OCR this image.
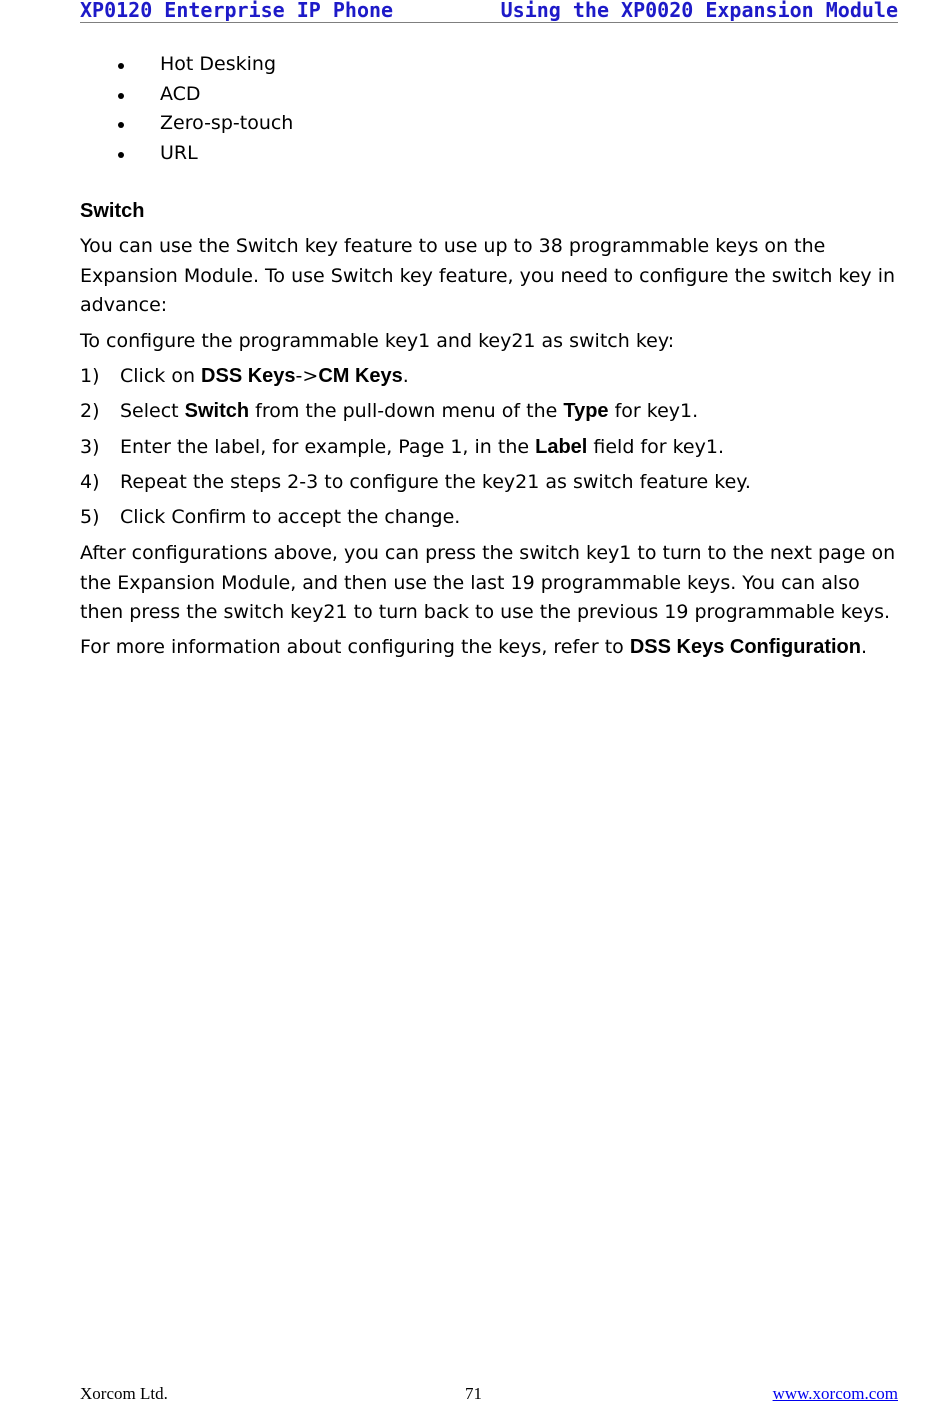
XP0120 Enterprise IP Phone	Using the XP0020 Expansion Module
Hot Desking
ACD
Zero-sp-touch
URL
Switch

You can use the Switch key feature to use up to 38 programmable keys on the Expansion Module. To use Switch key feature, you need to configure the switch key in advance:

To configure the programmable key1 and key21 as switch key:

1) Click on DSS Keys->CM Keys.
2) Select Switch from the pull-down menu of the Type for key1.
3) Enter the label, for example, Page 1, in the Label field for key1.
4) Repeat the steps 2-3 to configure the key21 as switch feature key.
5) Click Confirm to accept the change.

After configurations above, you can press the switch key1 to turn to the next page on the Expansion Module, and then use the last 19 programmable keys. You can also then press the switch key21 to turn back to use the previous 19 programmable keys.

For more information about configuring the keys, refer to DSS Keys Configuration.

Xorcom Ltd.	71	www.xorcom.com
